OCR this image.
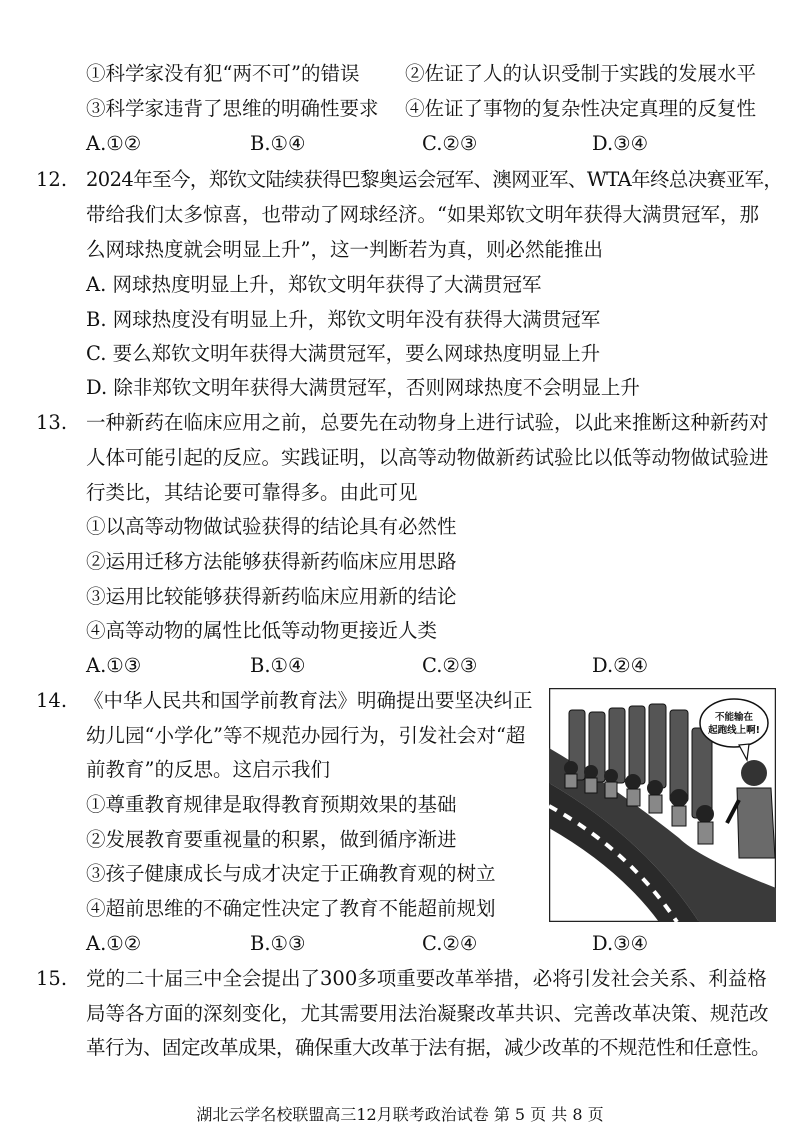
①科学家没有犯“两不可”的错误 ②佐证了人的认识受制于实践的发展水平
③科学家违背了思维的明确性要求 ④佐证了事物的复杂性决定真理的反复性
A.①②	B.①④	C.②③	D.③④
12. 2024年至今，郑钦文陆续获得巴黎奥运会冠军、澳网亚军、WTA年终总决赛亚军，
带给我们太多惊喜，也带动了网球经济。“如果郑钦文明年获得大满贯冠军，那
么网球热度就会明显上升”，这一判断若为真，则必然能推出
A. 网球热度明显上升，郑钦文明年获得了大满贯冠军
B. 网球热度没有明显上升，郑钦文明年没有获得大满贯冠军
C. 要么郑钦文明年获得大满贯冠军，要么网球热度明显上升
D. 除非郑钦文明年获得大满贯冠军，否则网球热度不会明显上升
13. 一种新药在临床应用之前，总要先在动物身上进行试验，以此来推断这种新药对
人体可能引起的反应。实践证明，以高等动物做新药试验比以低等动物做试验进
行类比，其结论要可靠得多。由此可见
①以高等动物做试验获得的结论具有必然性
②运用迁移方法能够获得新药临床应用思路
③运用比较能够获得新药临床应用新的结论
④高等动物的属性比低等动物更接近人类
A.①③	B.①④	C.②③	D.②④
14. 《中华人民共和国学前教育法》明确提出要坚决纠正
幼儿园“小学化”等不规范办园行为，引发社会对“超
前教育”的反思。这启示我们
①尊重教育规律是取得教育预期效果的基础
②发展教育要重视量的积累，做到循序渐进
③孩子健康成长与成才决定于正确教育观的树立
④超前思维的不确定性决定了教育不能超前规划
A.①②	B.①③	C.②④	D.③④
不能输在
起跑线上啊!
15. 党的二十届三中全会提出了300多项重要改革举措，必将引发社会关系、利益格
局等各方面的深刻变化，尤其需要用法治凝聚改革共识、完善改革决策、规范改
革行为、固定改革成果，确保重大改革于法有据，减少改革的不规范性和任意性。
湖北云学名校联盟高三12月联考政治试卷 第 5 页 共 8 页
